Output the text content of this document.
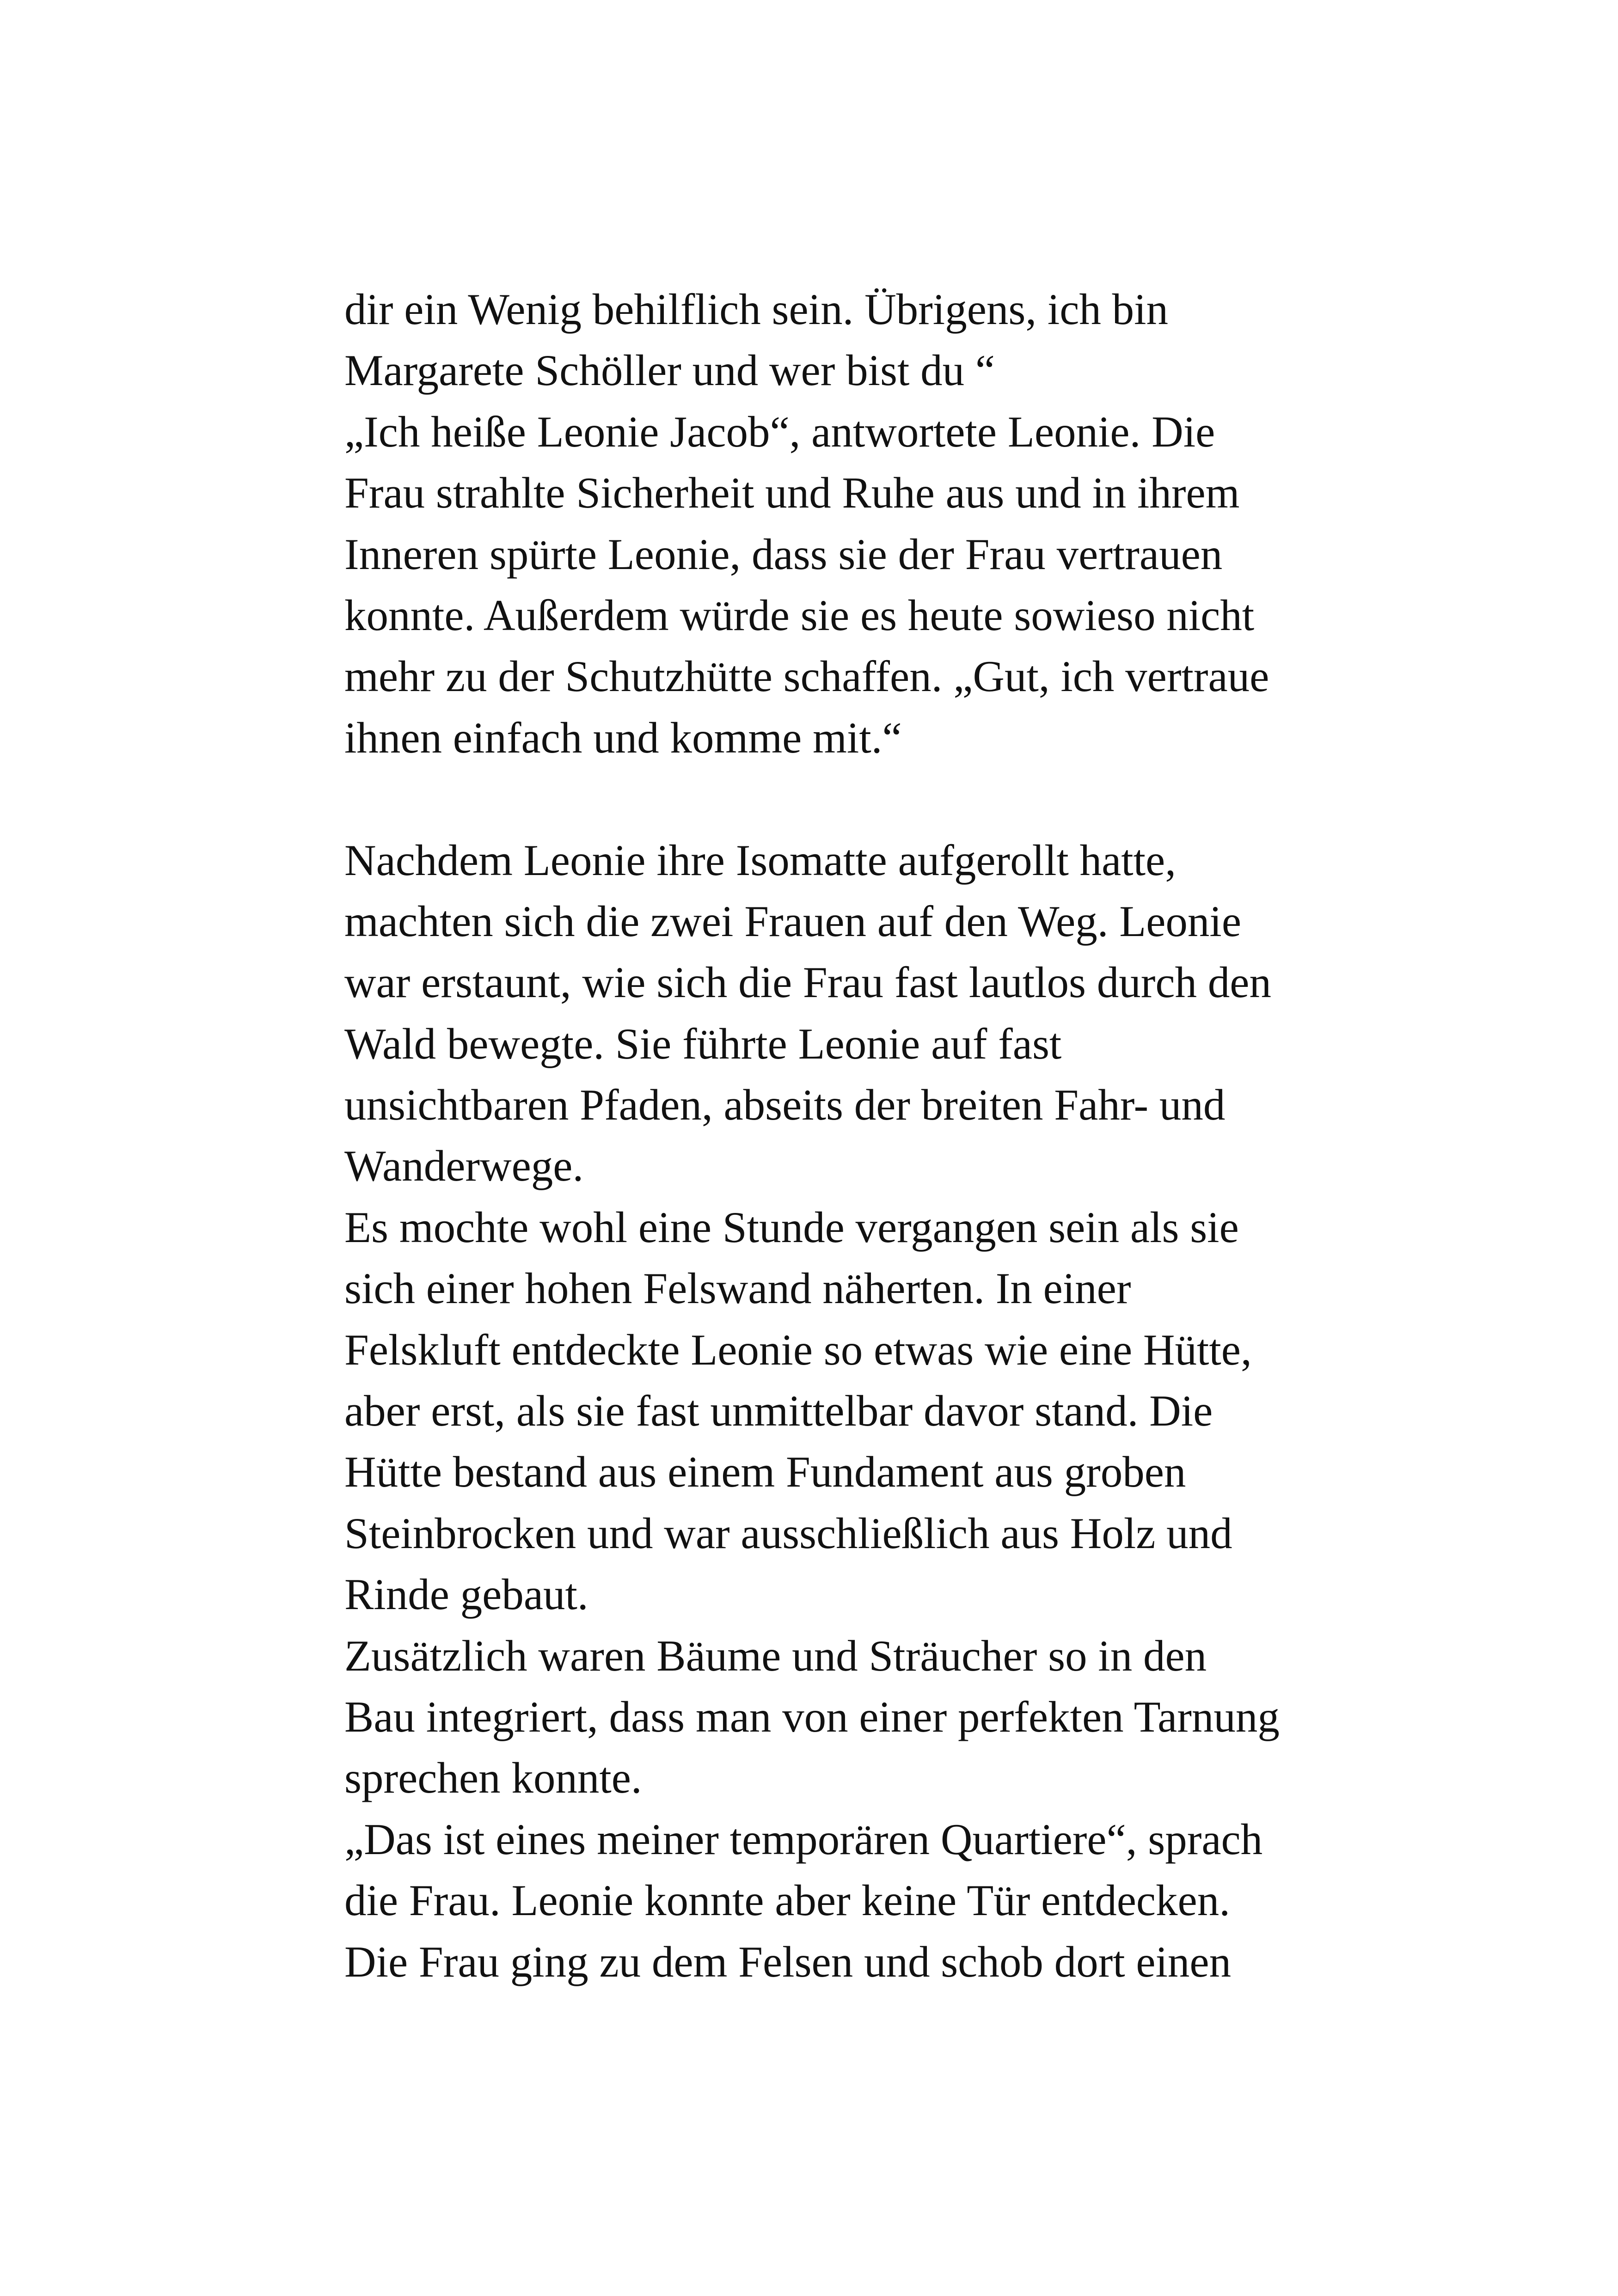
dir ein Wenig behilflich sein. Übrigens, ich bin
Margarete Schöller und wer bist du “
„Ich heiße Leonie Jacob“, antwortete Leonie. Die
Frau strahlte Sicherheit und Ruhe aus und in ihrem
Inneren spürte Leonie, dass sie der Frau vertrauen
konnte. Außerdem würde sie es heute sowieso nicht
mehr zu der Schutzhütte schaffen. „Gut, ich vertraue
ihnen einfach und komme mit.“
Nachdem Leonie ihre Isomatte aufgerollt hatte,
machten sich die zwei Frauen auf den Weg. Leonie
war erstaunt, wie sich die Frau fast lautlos durch den
Wald bewegte. Sie führte Leonie auf fast
unsichtbaren Pfaden, abseits der breiten Fahr- und
Wanderwege.
Es mochte wohl eine Stunde vergangen sein als sie
sich einer hohen Felswand näherten. In einer
Felskluft entdeckte Leonie so etwas wie eine Hütte,
aber erst, als sie fast unmittelbar davor stand. Die
Hütte bestand aus einem Fundament aus groben
Steinbrocken und war ausschließlich aus Holz und
Rinde gebaut.
Zusätzlich waren Bäume und Sträucher so in den
Bau integriert, dass man von einer perfekten Tarnung
sprechen konnte.
„Das ist eines meiner temporären Quartiere“, sprach
die Frau. Leonie konnte aber keine Tür entdecken.
Die Frau ging zu dem Felsen und schob dort einen
